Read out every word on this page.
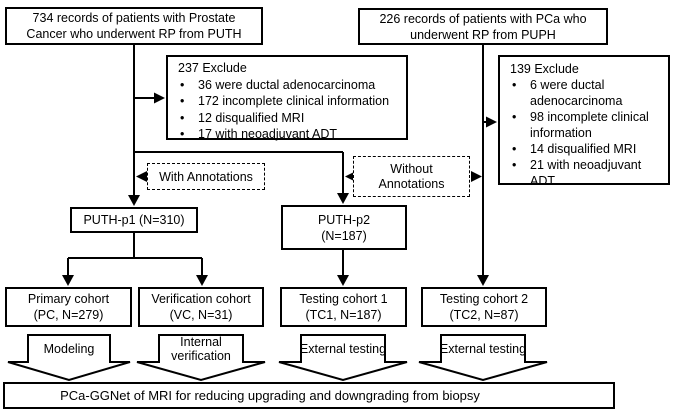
734 records of patients with Prostate
Cancer who underwent RP from PUTH
226 records of patients with PCa who
underwent RP from PUPH
237 Exclude
•	36 were ductal adenocarcinoma
•	172 incomplete clinical information
•	12 disqualified MRI
•	17 with neoadjuvant ADT
139 Exclude
•	6 were ductal adenocarcinoma
•	98 incomplete clinical information
•	14 disqualified MRI
•	21 with neoadjuvant ADT
With Annotations
Without Annotations
PUTH-p1 (N=310)	PUTH-p2
(N=187)
Primary cohort
(PC, N=279)
Verification cohort
(VC, N=31)
Testing cohort 1
(TC1, N=187)
Testing cohort 2
(TC2, N=87)
Modeling	Internal verification	External testing	External testing
PCa-GGNet of MRI for reducing upgrading and downgrading from biopsy
